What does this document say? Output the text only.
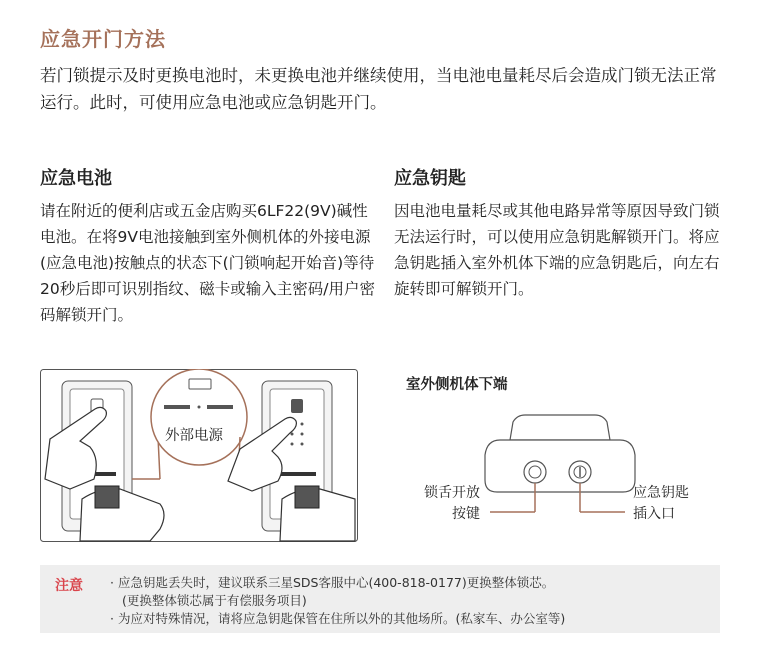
应急开门方法
若门锁提示及时更换电池时，未更换电池并继续使用，当电池电量耗尽后会造成门锁无法正常运行。此时，可使用应急电池或应急钥匙开门。
应急电池
请在附近的便利店或五金店购买6LF22(9V)碱性电池。在将9V电池接触到室外侧机体的外接电源(应急电池)按触点的状态下(门锁响起开始音)等待20秒后即可识别指纹、磁卡或输入主密码/用户密码解锁开门。
应急钥匙
因电池电量耗尽或其他电路异常等原因导致门锁无法运行时，可以使用应急钥匙解锁开门。将应急钥匙插入室外机体下端的应急钥匙后，向左右旋转即可解锁开门。
外部电源
室外侧机体下端
锁舌开放
按键
应急钥匙
插入口
注意 · 应急钥匙丢失时，建议联系三星SDS客服中心(400-818-0177)更换整体锁芯。
(更换整体锁芯属于有偿服务项目)
· 为应对特殊情况，请将应急钥匙保管在住所以外的其他场所。(私家车、办公室等)
